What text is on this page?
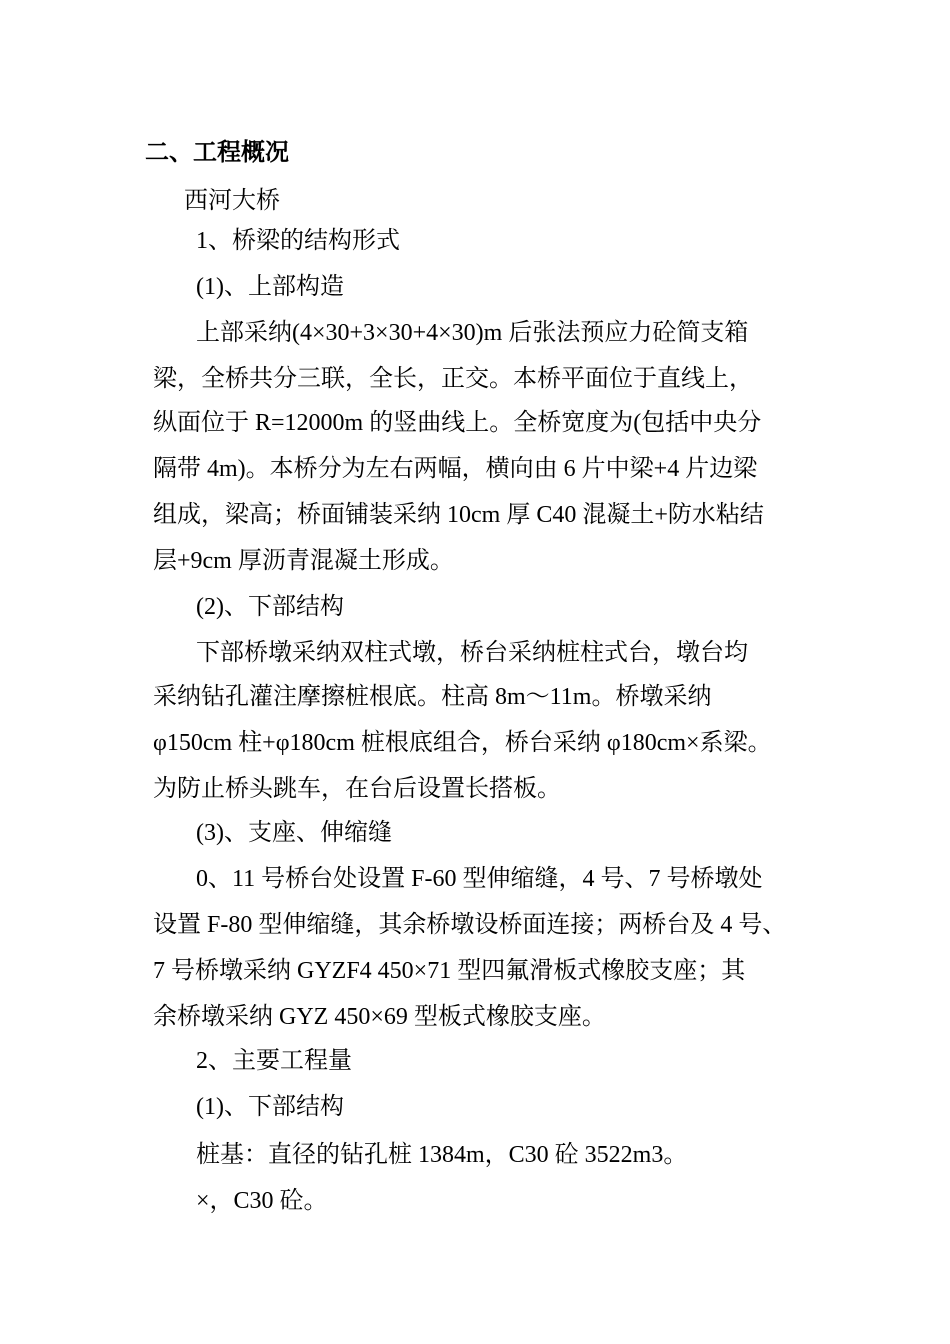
二、工程概况
西河大桥
1、桥梁的结构形式
(1)、上部构造
上部采纳(4×30+3×30+4×30)m 后张法预应力砼简支箱
梁，全桥共分三联，全长，正交。本桥平面位于直线上，
纵面位于 R=12000m 的竖曲线上。全桥宽度为(包括中央分
隔带 4m)。本桥分为左右两幅，横向由 6 片中梁+4 片边梁
组成，梁高；桥面铺装采纳 10cm 厚 C40 混凝土+防水粘结
层+9cm 厚沥青混凝土形成。
(2)、下部结构
下部桥墩采纳双柱式墩，桥台采纳桩柱式台，墩台均
采纳钻孔灌注摩擦桩根底。柱高 8m～11m。桥墩采纳
φ150cm 柱+φ180cm 桩根底组合，桥台采纳 φ180cm×系梁。
为防止桥头跳车，在台后设置长搭板。
(3)、支座、伸缩缝
0、11 号桥台处设置 F-60 型伸缩缝，4 号、7 号桥墩处
设置 F-80 型伸缩缝，其余桥墩设桥面连接；两桥台及 4 号、
7 号桥墩采纳 GYZF4 450×71 型四氟滑板式橡胶支座；其
余桥墩采纳 GYZ 450×69 型板式橡胶支座。
2、主要工程量
(1)、下部结构
桩基：直径的钻孔桩 1384m，C30 砼 3522m3。
×，C30 砼。
